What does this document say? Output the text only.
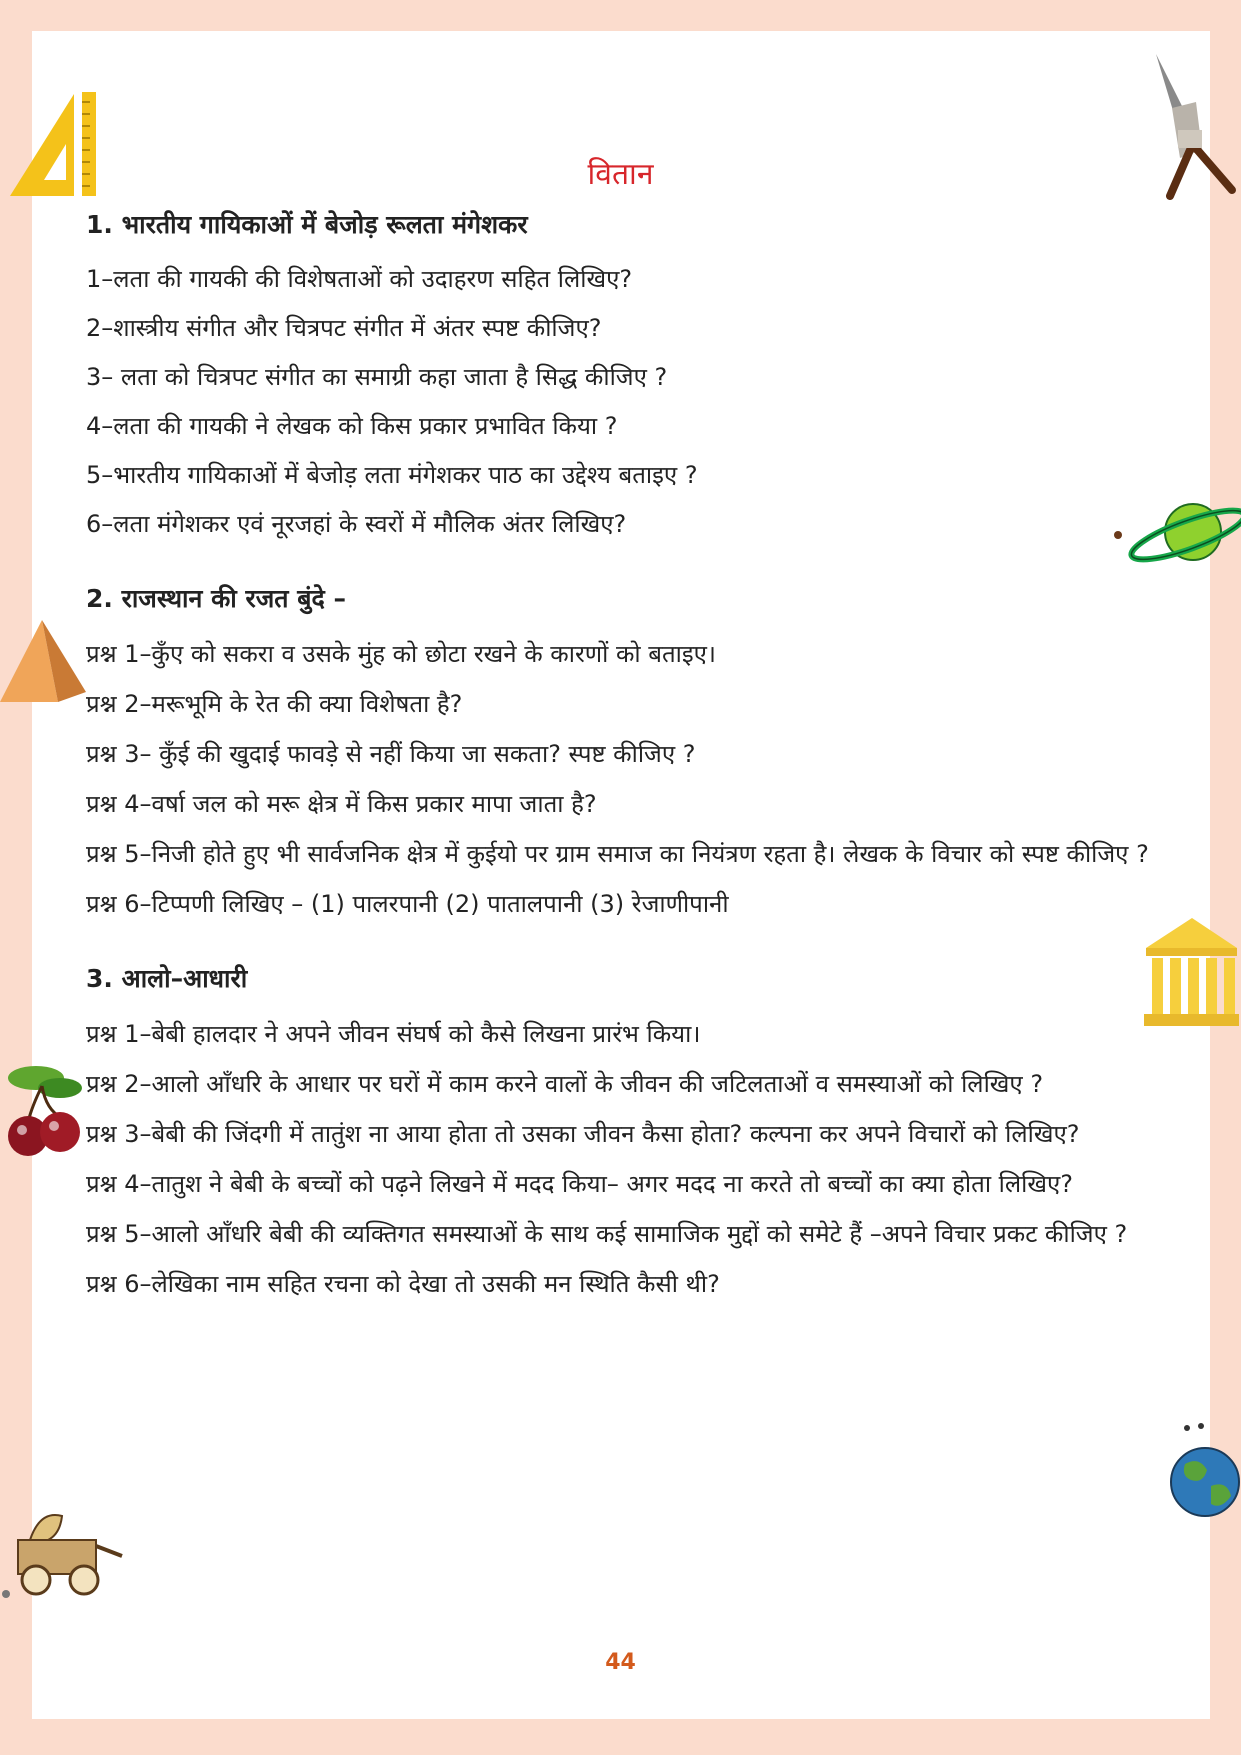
वितान

1. भारतीय गायिकाओं में बेजोड़ रूलता मंगेशकर

1–लता की गायकी की विशेषताओं को उदाहरण सहित लिखिए?

2–शास्त्रीय संगीत और चित्रपट संगीत में अंतर स्पष्ट कीजिए?

3– लता को चित्रपट संगीत का समाग्री कहा जाता है सिद्ध कीजिए ?

4–लता की गायकी ने लेखक को किस प्रकार प्रभावित किया ?

5–भारतीय गायिकाओं में बेजोड़ लता मंगेशकर पाठ का उद्देश्य बताइए ?

6–लता मंगेशकर एवं नूरजहां के स्वरों में मौलिक अंतर लिखिए?

2. राजस्थान की रजत बुंदे –

प्रश्न 1–कुँए को सकरा व उसके मुंह को छोटा रखने के कारणों को बताइए।

प्रश्न 2–मरूभूमि के रेत की क्या विशेषता है?

प्रश्न 3– कुँई की खुदाई फावड़े से नहीं किया जा सकता? स्पष्ट कीजिए ?

प्रश्न 4–वर्षा जल को मरू क्षेत्र में किस प्रकार मापा जाता है?

प्रश्न 5–निजी होते हुए भी सार्वजनिक क्षेत्र में कुईयो पर ग्राम समाज का नियंत्रण रहता है। लेखक के विचार को स्पष्ट कीजिए ?

प्रश्न 6–टिप्पणी लिखिए – (1) पालरपानी (2) पातालपानी (3) रेजाणीपानी

3. आलो–आधारी

प्रश्न 1–बेबी हालदार ने अपने जीवन संघर्ष को कैसे लिखना प्रारंभ किया।

प्रश्न 2–आलो आँधरि के आधार पर घरों में काम करने वालों के जीवन की जटिलताओं व समस्याओं को लिखिए ?

प्रश्न 3–बेबी की जिंदगी में तातुंश ना आया होता तो उसका जीवन कैसा होता? कल्पना कर अपने विचारों को लिखिए?

प्रश्न 4–तातुश ने बेबी के बच्चों को पढ़ने लिखने में मदद किया– अगर मदद ना करते तो बच्चों का क्या होता लिखिए?

प्रश्न 5–आलो आँधरि बेबी की व्यक्तिगत समस्याओं के साथ कई सामाजिक मुद्दों को समेटे हैं –अपने विचार प्रकट कीजिए ?

प्रश्न 6–लेखिका नाम सहित रचना को देखा तो उसकी मन स्थिति कैसी थी?

44
